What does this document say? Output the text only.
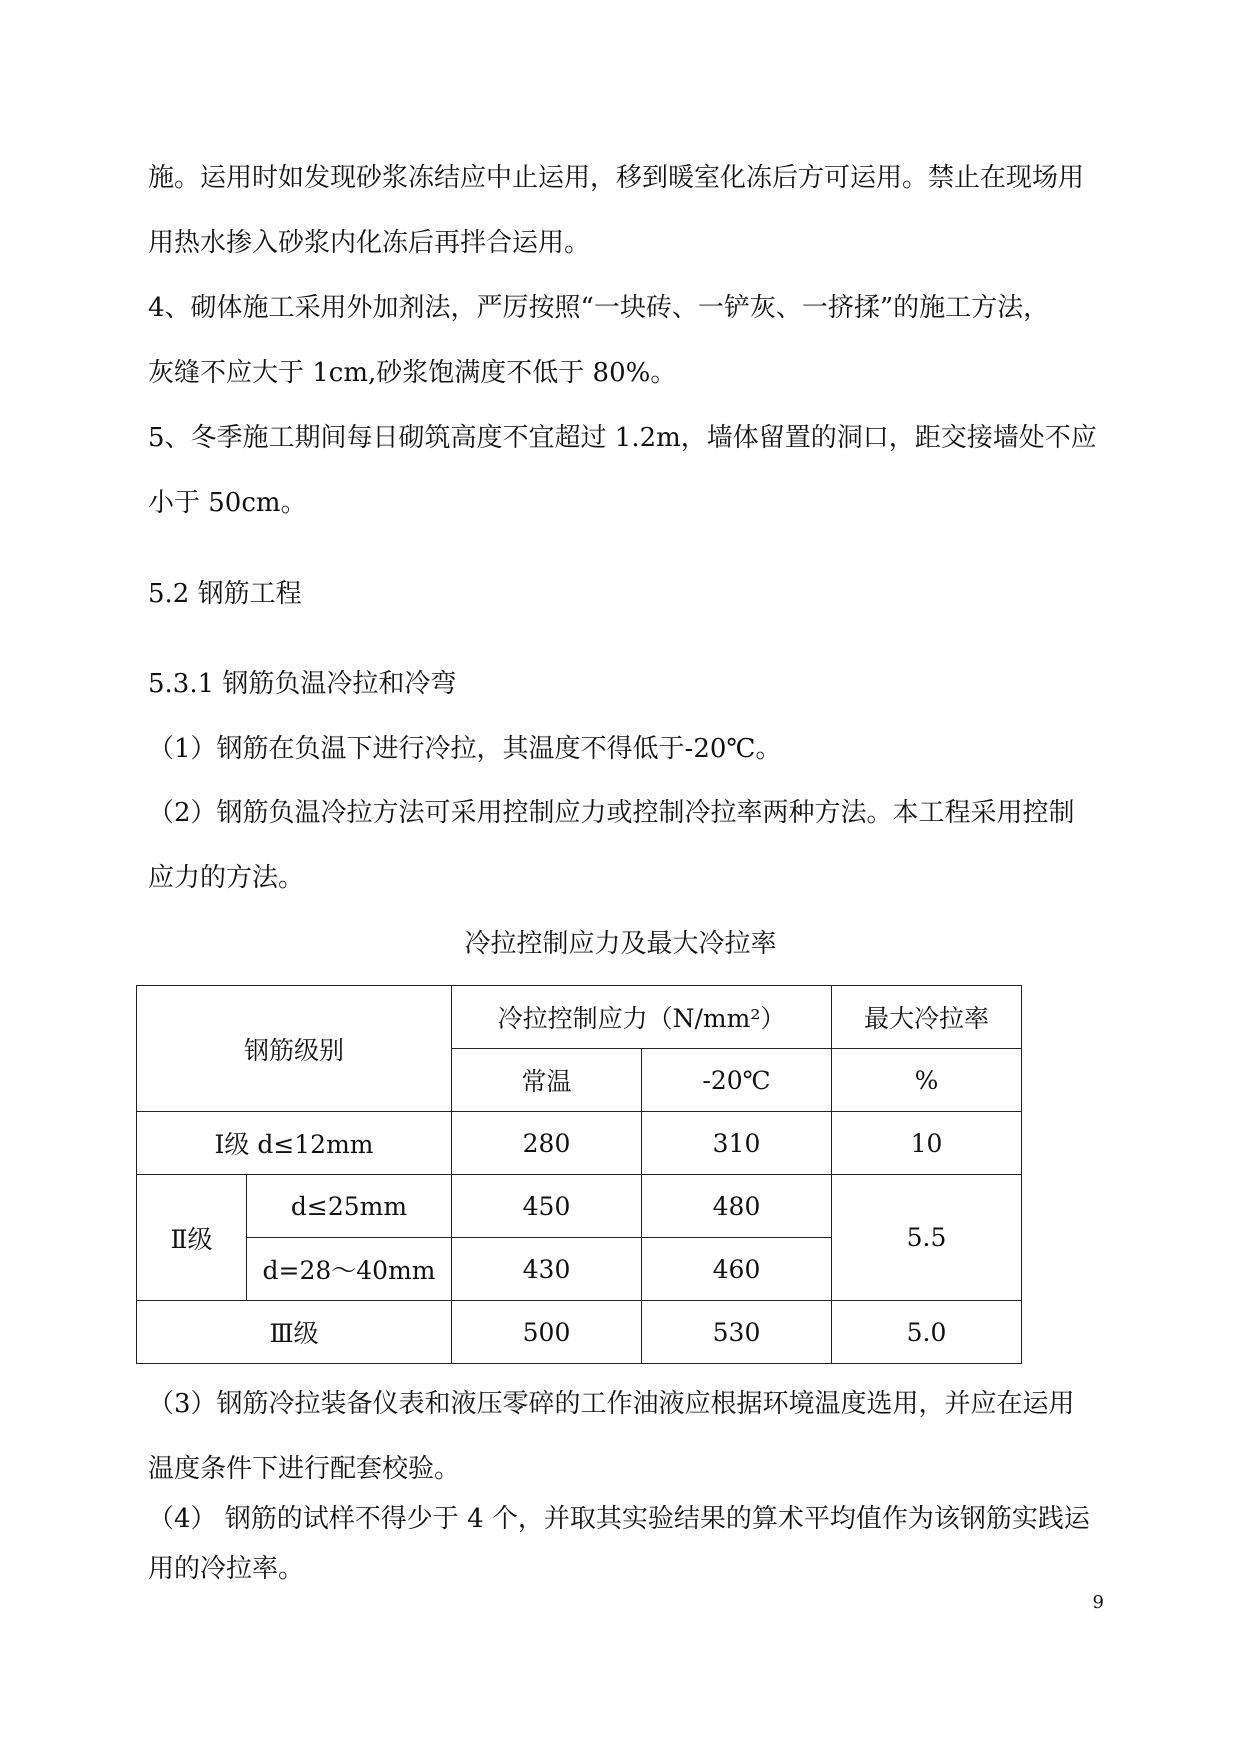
施。运用时如发现砂浆冻结应中止运用，移到暖室化冻后方可运用。禁止在现场用
用热水掺入砂浆内化冻后再拌合运用。
4、砌体施工采用外加剂法，严厉按照“一块砖、一铲灰、一挤揉”的施工方法，
灰缝不应大于 1cm,砂浆饱满度不低于 80%。
5、冬季施工期间每日砌筑高度不宜超过 1.2m，墙体留置的洞口，距交接墙处不应
小于 50cm。
5.2 钢筋工程
5.3.1 钢筋负温冷拉和冷弯
（1）钢筋在负温下进行冷拉，其温度不得低于-20℃。
（2）钢筋负温冷拉方法可采用控制应力或控制冷拉率两种方法。本工程采用控制
应力的方法。
冷拉控制应力及最大冷拉率
钢筋级别		冷拉控制应力（N/mm²）		最大冷拉率
		常温	-20℃	%
Ⅰ级 d≤12mm		280	310	10
Ⅱ级	d≤25mm	450	480	5.5
	d=28～40mm	430	460	
Ⅲ级		500	530	5.0
（3）钢筋冷拉装备仪表和液压零碎的工作油液应根据环境温度选用，并应在运用
温度条件下进行配套校验。
（4） 钢筋的试样不得少于 4 个，并取其实验结果的算术平均值作为该钢筋实践运
用的冷拉率。
9
